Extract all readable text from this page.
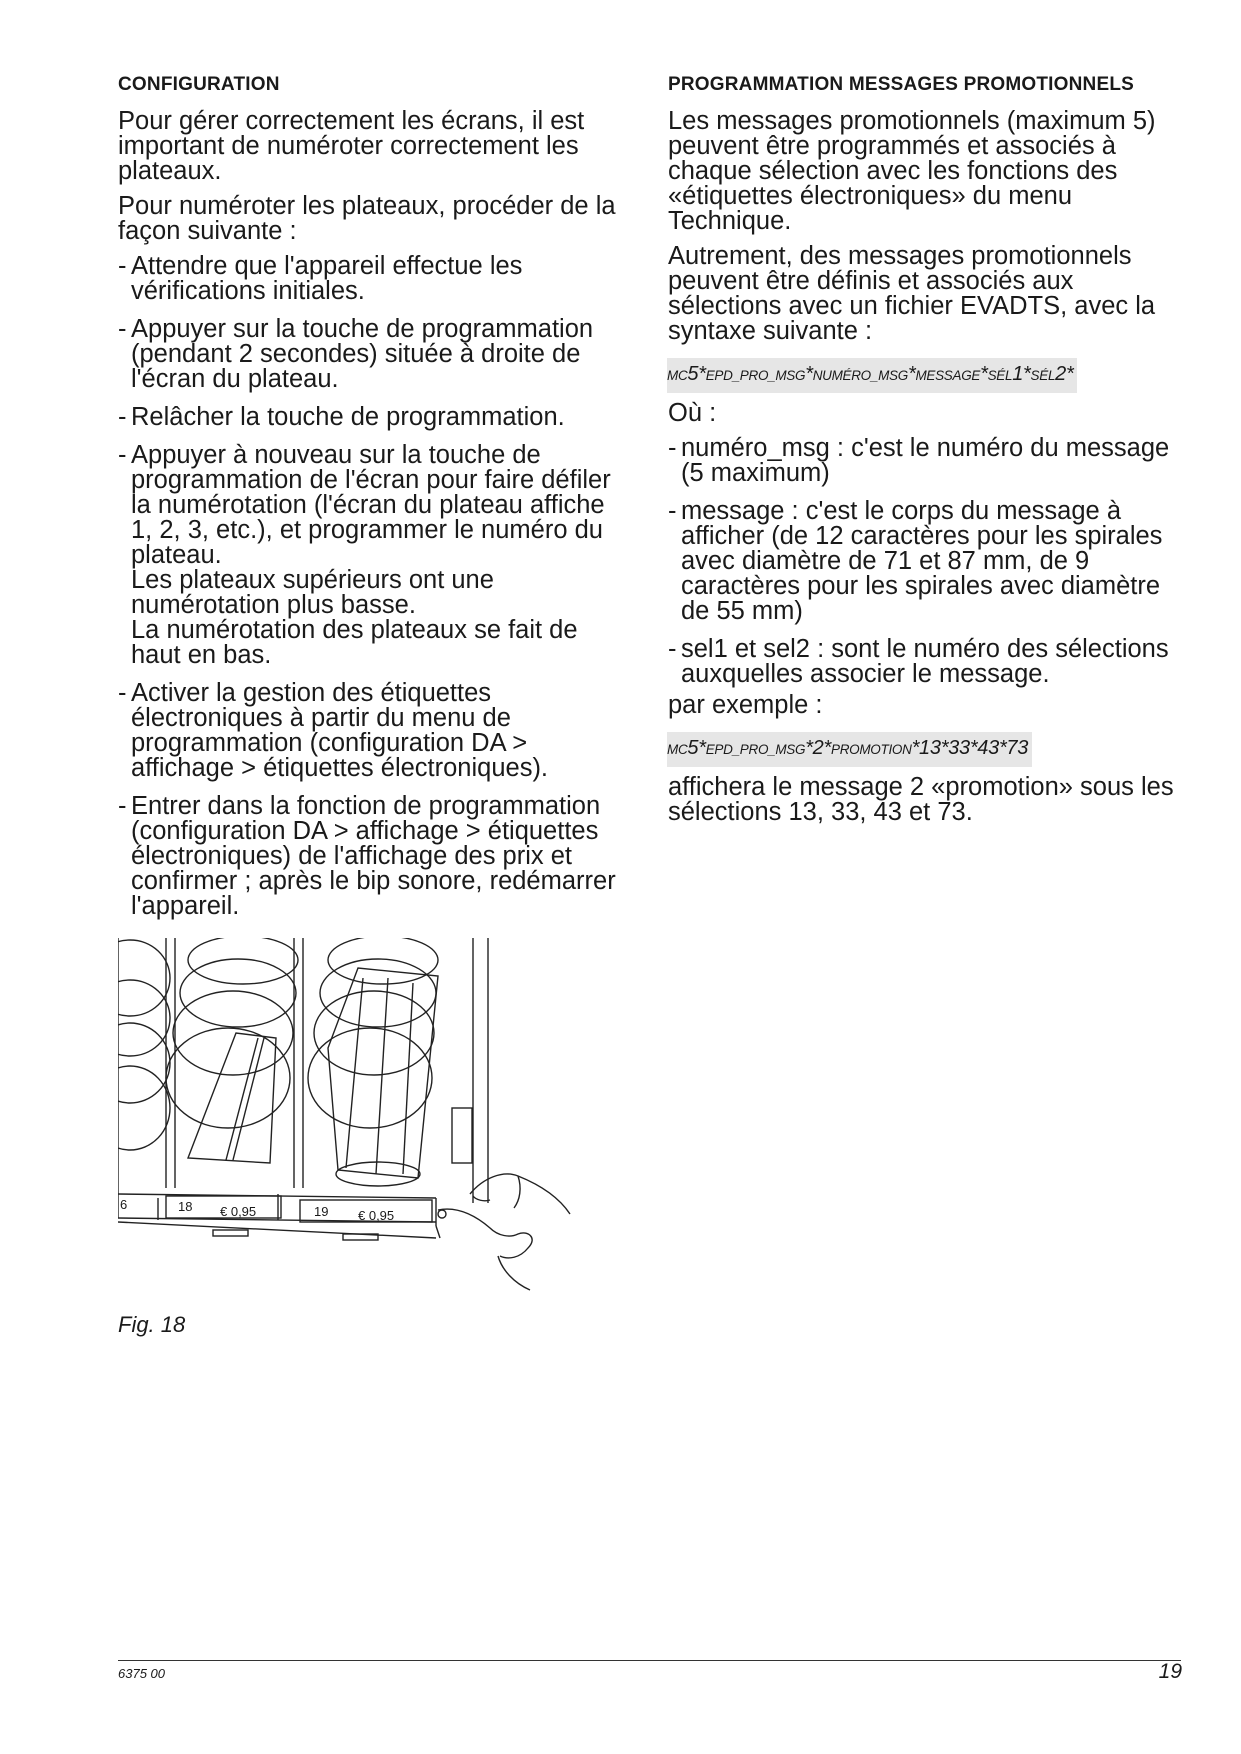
CONFIGURATION

Pour gérer correctement les écrans, il est important de numéroter correctement les plateaux.

Pour numéroter les plateaux, procéder de la façon suivante :

- Attendre que l'appareil effectue les vérifications initiales.
- Appuyer sur la touche de programmation (pendant 2 secondes) située à droite de l'écran du plateau.
- Relâcher la touche de programmation.
- Appuyer à nouveau sur la touche de programmation de l'écran pour faire défiler la numérotation (l'écran du plateau affiche 1, 2, 3, etc.), et programmer le numéro du plateau.
Les plateaux supérieurs ont une numérotation plus basse.
La numérotation des plateaux se fait de haut en bas.
- Activer la gestion des étiquettes électroniques à partir du menu de programmation (configuration DA > affichage > étiquettes électroniques).
- Entrer dans la fonction de programmation (configuration DA > affichage > étiquettes électroniques) de l'affichage des prix et confirmer ; après le bip sonore, redémarrer l'appareil.
6	18 € 0,95	19 € 0,95
Fig. 18
PROGRAMMATION MESSAGES PROMOTIONNELS

Les messages promotionnels (maximum 5) peuvent être programmés et associés à chaque sélection avec les fonctions des «étiquettes électroniques» du menu Technique.

Autrement, des messages promotionnels peuvent être définis et associés aux sélections avec un fichier EVADTS, avec la syntaxe suivante :

MC5*EPD_PRO_MSG*NUMÉRO_MSG*MESSAGE*SÉL1*SÉL2*

Où :

- numéro_msg : c'est le numéro du message (5 maximum)
- message : c'est le corps du message à afficher (de 12 caractères pour les spirales avec diamètre de 71 et 87 mm, de 9 caractères pour les spirales avec diamètre de 55 mm)
- sel1 et sel2 : sont le numéro des sélections auxquelles associer le message.

par exemple :

MC5*EPD_PRO_MSG*2*PROMOTION*13*33*43*73

affichera le message 2 «promotion» sous les sélections 13, 33, 43 et 73.

6375 00	19
